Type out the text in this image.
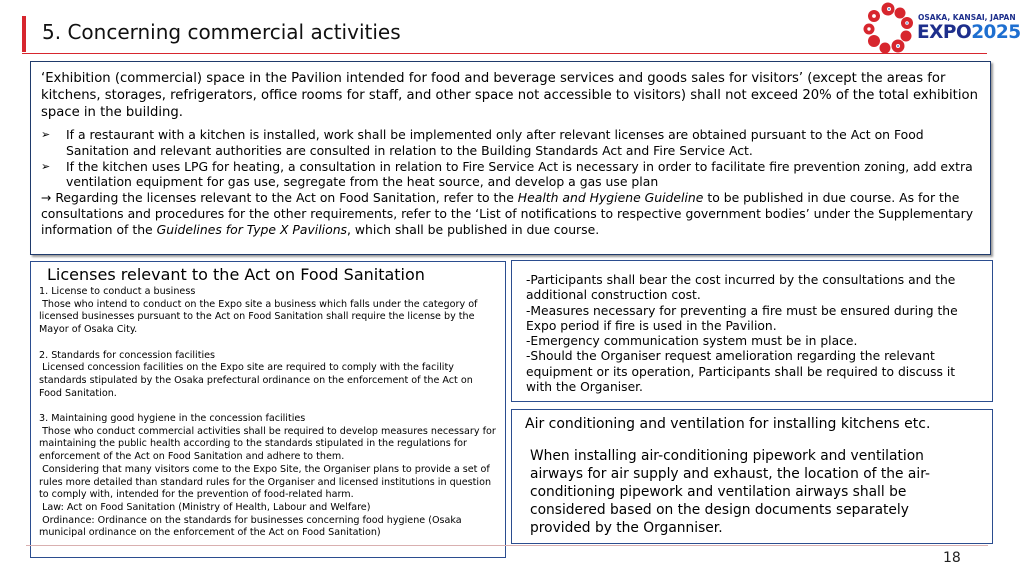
5. Concerning commercial activities
OSAKA, KANSAI, JAPAN
EXPO2025

‘Exhibition (commercial) space in the Pavilion intended for food and beverage services and goods sales for visitors’ (except the areas for kitchens, storages, refrigerators, office rooms for staff, and other space not accessible to visitors) shall not exceed 20% of the total exhibition space in the building.

➢ If a restaurant with a kitchen is installed, work shall be implemented only after relevant licenses are obtained pursuant to the Act on Food Sanitation and relevant authorities are consulted in relation to the Building Standards Act and Fire Service Act.
➢ If the kitchen uses LPG for heating, a consultation in relation to Fire Service Act is necessary in order to facilitate fire prevention zoning, add extra ventilation equipment for gas use, segregate from the heat source, and develop a gas use plan

→ Regarding the licenses relevant to the Act on Food Sanitation, refer to the Health and Hygiene Guideline to be published in due course. As for the consultations and procedures for the other requirements, refer to the ‘List of notifications to respective government bodies’ under the Supplementary information of the Guidelines for Type X Pavilions, which shall be published in due course.

Licenses relevant to the Act on Food Sanitation
1. License to conduct a business
Those who intend to conduct on the Expo site a business which falls under the category of licensed businesses pursuant to the Act on Food Sanitation shall require the license by the Mayor of Osaka City.

2. Standards for concession facilities
Licensed concession facilities on the Expo site are required to comply with the facility standards stipulated by the Osaka prefectural ordinance on the enforcement of the Act on Food Sanitation.

3. Maintaining good hygiene in the concession facilities
Those who conduct commercial activities shall be required to develop measures necessary for maintaining the public health according to the standards stipulated in the regulations for enforcement of the Act on Food Sanitation and adhere to them.
Considering that many visitors come to the Expo Site, the Organiser plans to provide a set of rules more detailed than standard rules for the Organiser and licensed institutions in question to comply with, intended for the prevention of food-related harm.
Law: Act on Food Sanitation (Ministry of Health, Labour and Welfare)
Ordinance: Ordinance on the standards for businesses concerning food hygiene (Osaka municipal ordinance on the enforcement of the Act on Food Sanitation)

-Participants shall bear the cost incurred by the consultations and the additional construction cost.

-Measures necessary for preventing a fire must be ensured during the Expo period if fire is used in the Pavilion.

-Emergency communication system must be in place.

-Should the Organiser request amelioration regarding the relevant equipment or its operation, Participants shall be required to discuss it with the Organiser.

Air conditioning and ventilation for installing kitchens etc.
When installing air-conditioning pipework and ventilation airways for air supply and exhaust, the location of the air-conditioning pipework and ventilation airways shall be considered based on the design documents separately provided by the Organniser.
18
